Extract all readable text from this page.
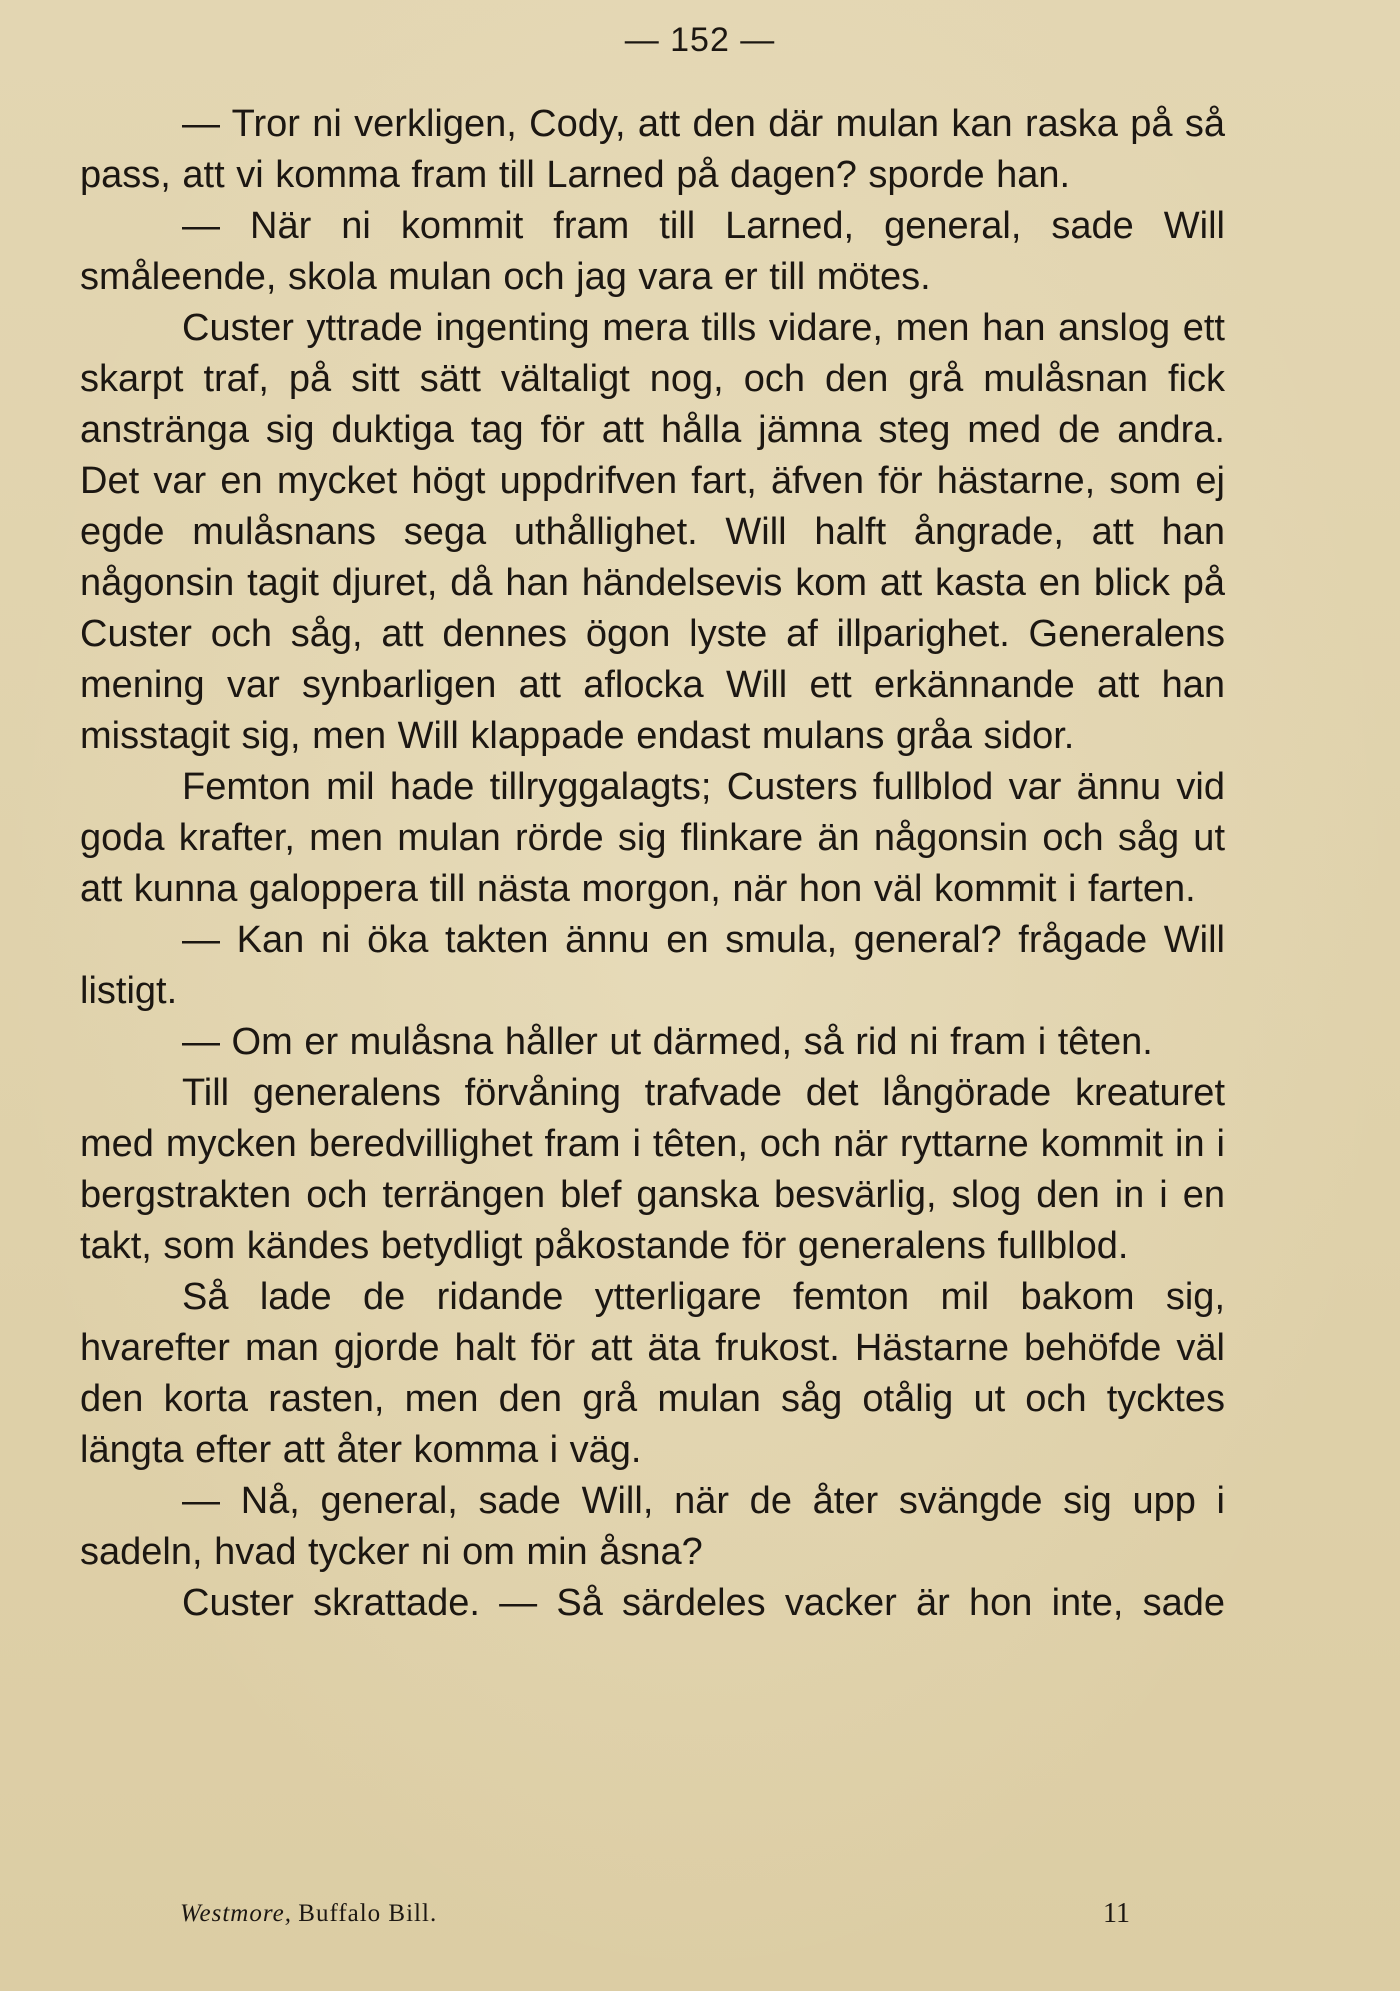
— 152 —

— Tror ni verkligen, Cody, att den där mulan kan raska på så pass, att vi komma fram till Larned på dagen? sporde han.

— När ni kommit fram till Larned, general, sade Will småleende, skola mulan och jag vara er till mötes.

Custer yttrade ingenting mera tills vidare, men han anslog ett skarpt traf, på sitt sätt vältaligt nog, och den grå mulåsnan fick anstränga sig duktiga tag för att hålla jämna steg med de andra. Det var en mycket högt uppdrifven fart, äfven för hästarne, som ej egde mulåsnans sega uthållighet. Will halft ångrade, att han någonsin tagit djuret, då han händelsevis kom att kasta en blick på Custer och såg, att dennes ögon lyste af illparighet. Generalens mening var synbarligen att aflocka Will ett erkännande att han misstagit sig, men Will klappade endast mulans gråa sidor.

Femton mil hade tillryggalagts; Custers fullblod var ännu vid goda krafter, men mulan rörde sig flinkare än någonsin och såg ut att kunna galoppera till nästa morgon, när hon väl kommit i farten.

— Kan ni öka takten ännu en smula, general? frågade Will listigt.

— Om er mulåsna håller ut därmed, så rid ni fram i têten.

Till generalens förvåning trafvade det långörade kreaturet med mycken beredvillighet fram i têten, och när ryttarne kommit in i bergstrakten och terrängen blef ganska besvärlig, slog den in i en takt, som kändes betydligt påkostande för generalens fullblod.

Så lade de ridande ytterligare femton mil bakom sig, hvarefter man gjorde halt för att äta frukost. Hästarne behöfde väl den korta rasten, men den grå mulan såg otålig ut och tycktes längta efter att åter komma i väg.

— Nå, general, sade Will, när de åter svängde sig upp i sadeln, hvad tycker ni om min åsna?

Custer skrattade. — Så särdeles vacker är hon inte, sade

Westmore, Buffalo Bill.	11
